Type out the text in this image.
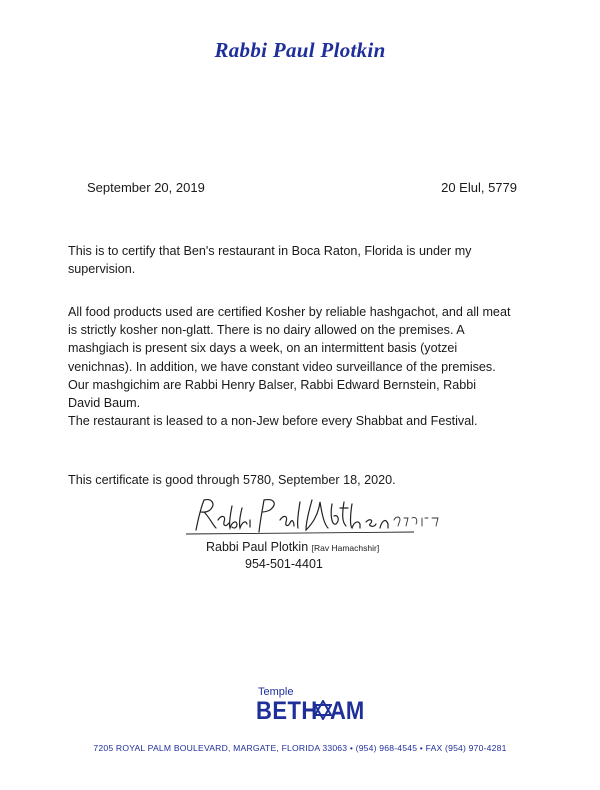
Rabbi Paul Plotkin
September 20, 2019	20 Elul, 5779
This is to certify that Ben's restaurant in Boca Raton, Florida is under my
supervision.
All food products used are certified Kosher by reliable hashgachot, and all meat
is strictly kosher non-glatt. There is no dairy allowed on the premises. A
mashgiach is present six days a week, on an intermittent basis (yotzei
venichnas). In addition, we have constant video surveillance of the premises.
Our mashgichim are Rabbi Henry Balser, Rabbi Edward Bernstein, Rabbi
David Baum.
The restaurant is leased to a non-Jew before every Shabbat and Festival.
This certificate is good through 5780, September 18, 2020.
Rabbi Paul Plotkin [Rav Hamachshir]
954-501-4401
Temple
BETH AM
7205 ROYAL PALM BOULEVARD, MARGATE, FLORIDA 33063 • (954) 968-4545 • FAX (954) 970-4281
